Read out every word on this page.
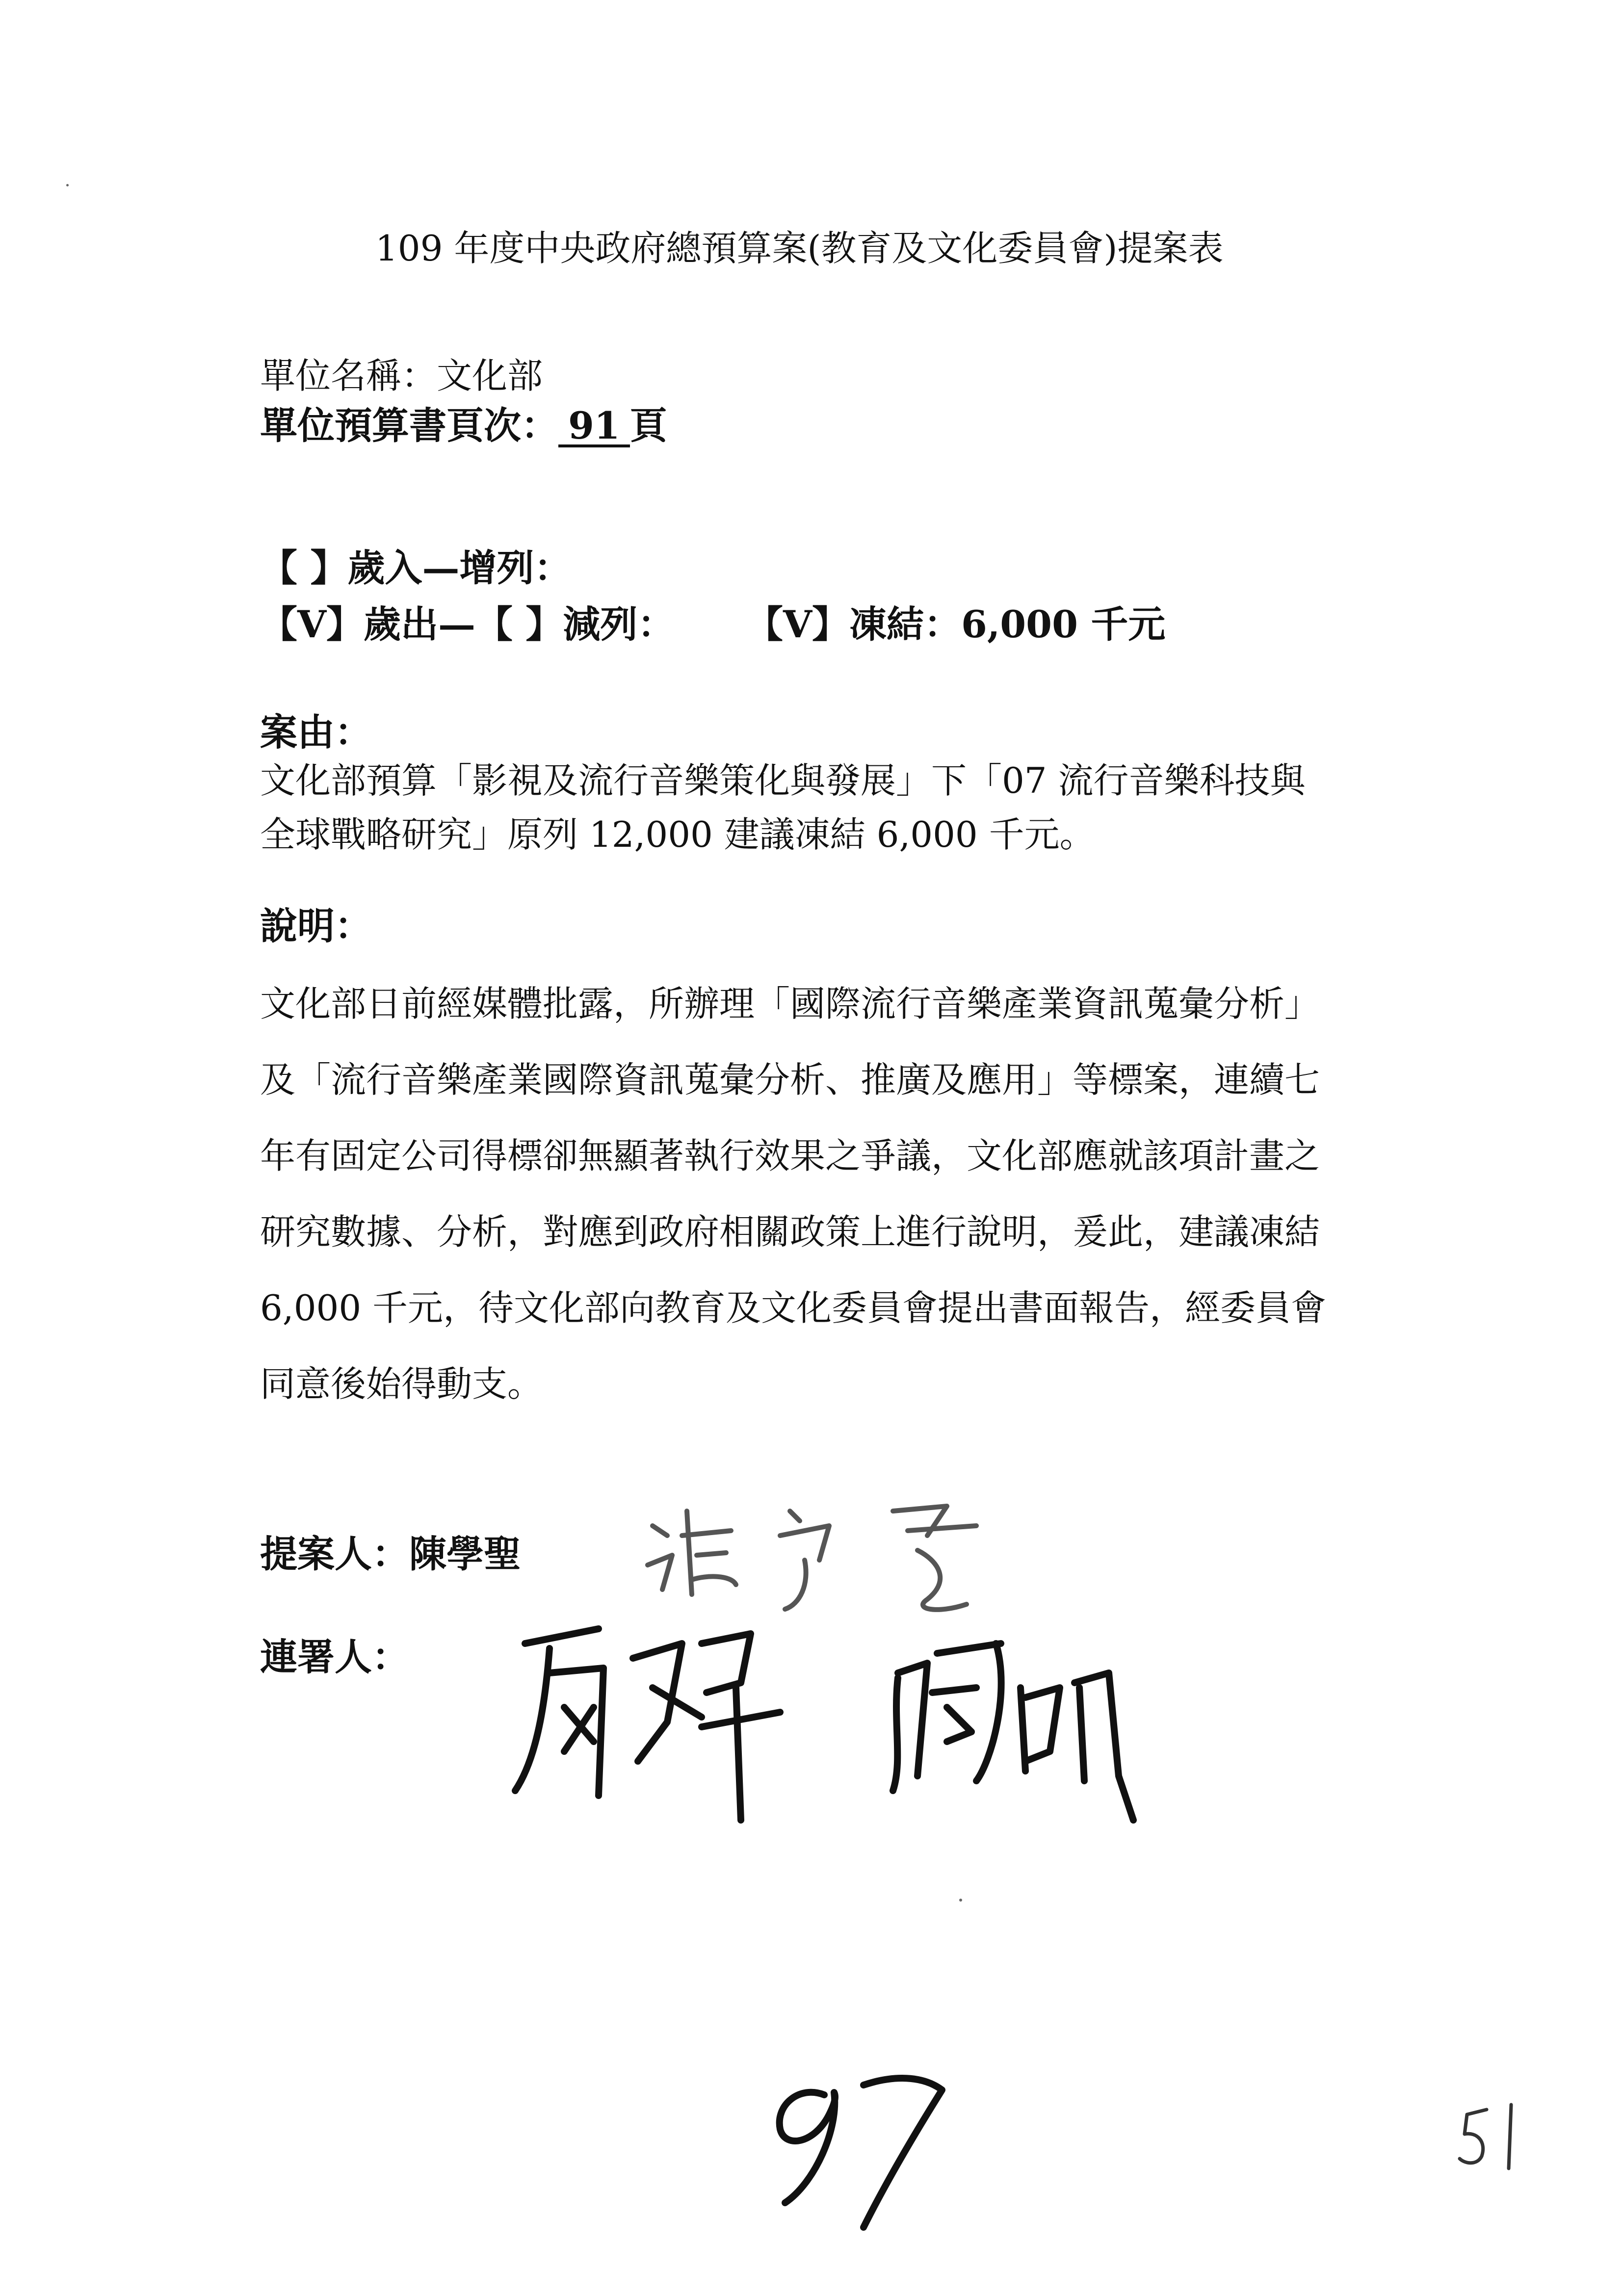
109 年度中央政府總預算案(教育及文化委員會)提案表
單位名稱：文化部
單位預算書頁次： 91 頁
【 】歲入—增列：
【V】歲出—【 】減列： 【V】凍結：6,000 千元
案由：
文化部預算「影視及流行音樂策化與發展」下「07 流行音樂科技與
全球戰略研究」原列 12,000 建議凍結 6,000 千元。
說明：
文化部日前經媒體批露，所辦理「國際流行音樂產業資訊蒐彙分析」
及「流行音樂產業國際資訊蒐彙分析、推廣及應用」等標案，連續七
年有固定公司得標卻無顯著執行效果之爭議，文化部應就該項計畫之
研究數據、分析，對應到政府相關政策上進行說明，爰此，建議凍結
6,000 千元，待文化部向教育及文化委員會提出書面報告，經委員會
同意後始得動支。
提案人：陳學聖
連署人：
97
51
